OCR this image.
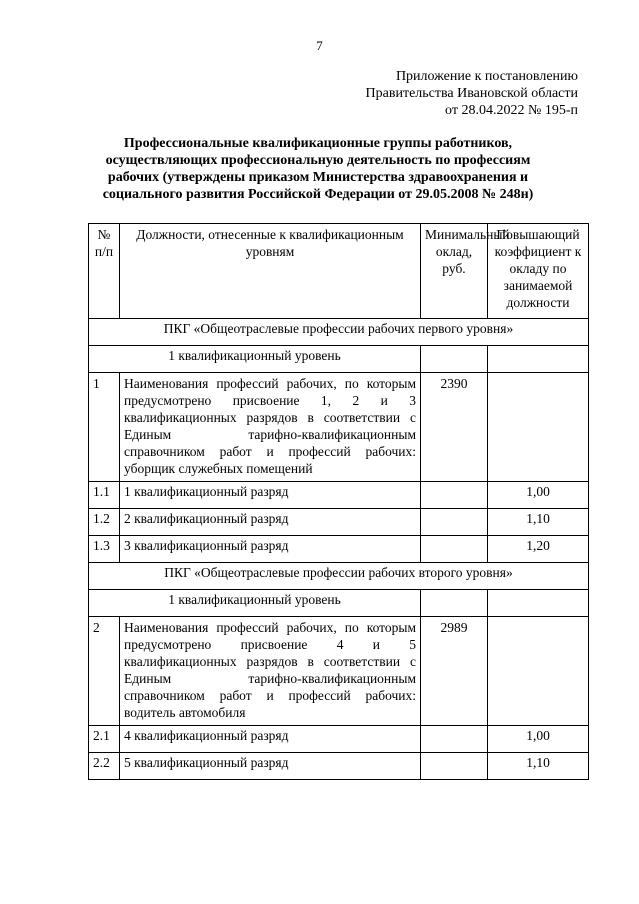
7
Приложение к постановлению
Правительства Ивановской области
от 28.04.2022 № 195-п
Профессиональные квалификационные группы работников,
осуществляющих профессиональную деятельность по профессиям
рабочих (утверждены приказом Министерства здравоохранения и
социального развития Российской Федерации от 29.05.2008 № 248н)
№ п/п	Должности, отнесенные к квалификационным уровням	Минимальный оклад, руб.	Повышающий коэффициент к окладу по занимаемой должности
ПКГ «Общеотраслевые профессии рабочих первого уровня»			
1 квалификационный уровень			
1	Наименования профессий рабочих, по которым предусмотрено присвоение 1, 2 и 3 квалификационных разрядов в соответствии с Единым тарифно-квалификационным справочником работ и профессий рабочих: уборщик служебных помещений	2390	
1.1	1 квалификационный разряд		1,00
1.2	2 квалификационный разряд		1,10
1.3	3 квалификационный разряд		1,20
ПКГ «Общеотраслевые профессии рабочих второго уровня»			
1 квалификационный уровень			
2	Наименования профессий рабочих, по которым предусмотрено присвоение 4 и 5 квалификационных разрядов в соответствии с Единым тарифно-квалификационным справочником работ и профессий рабочих: водитель автомобиля	2989	
2.1	4 квалификационный разряд		1,00
2.2	5 квалификационный разряд		1,10
